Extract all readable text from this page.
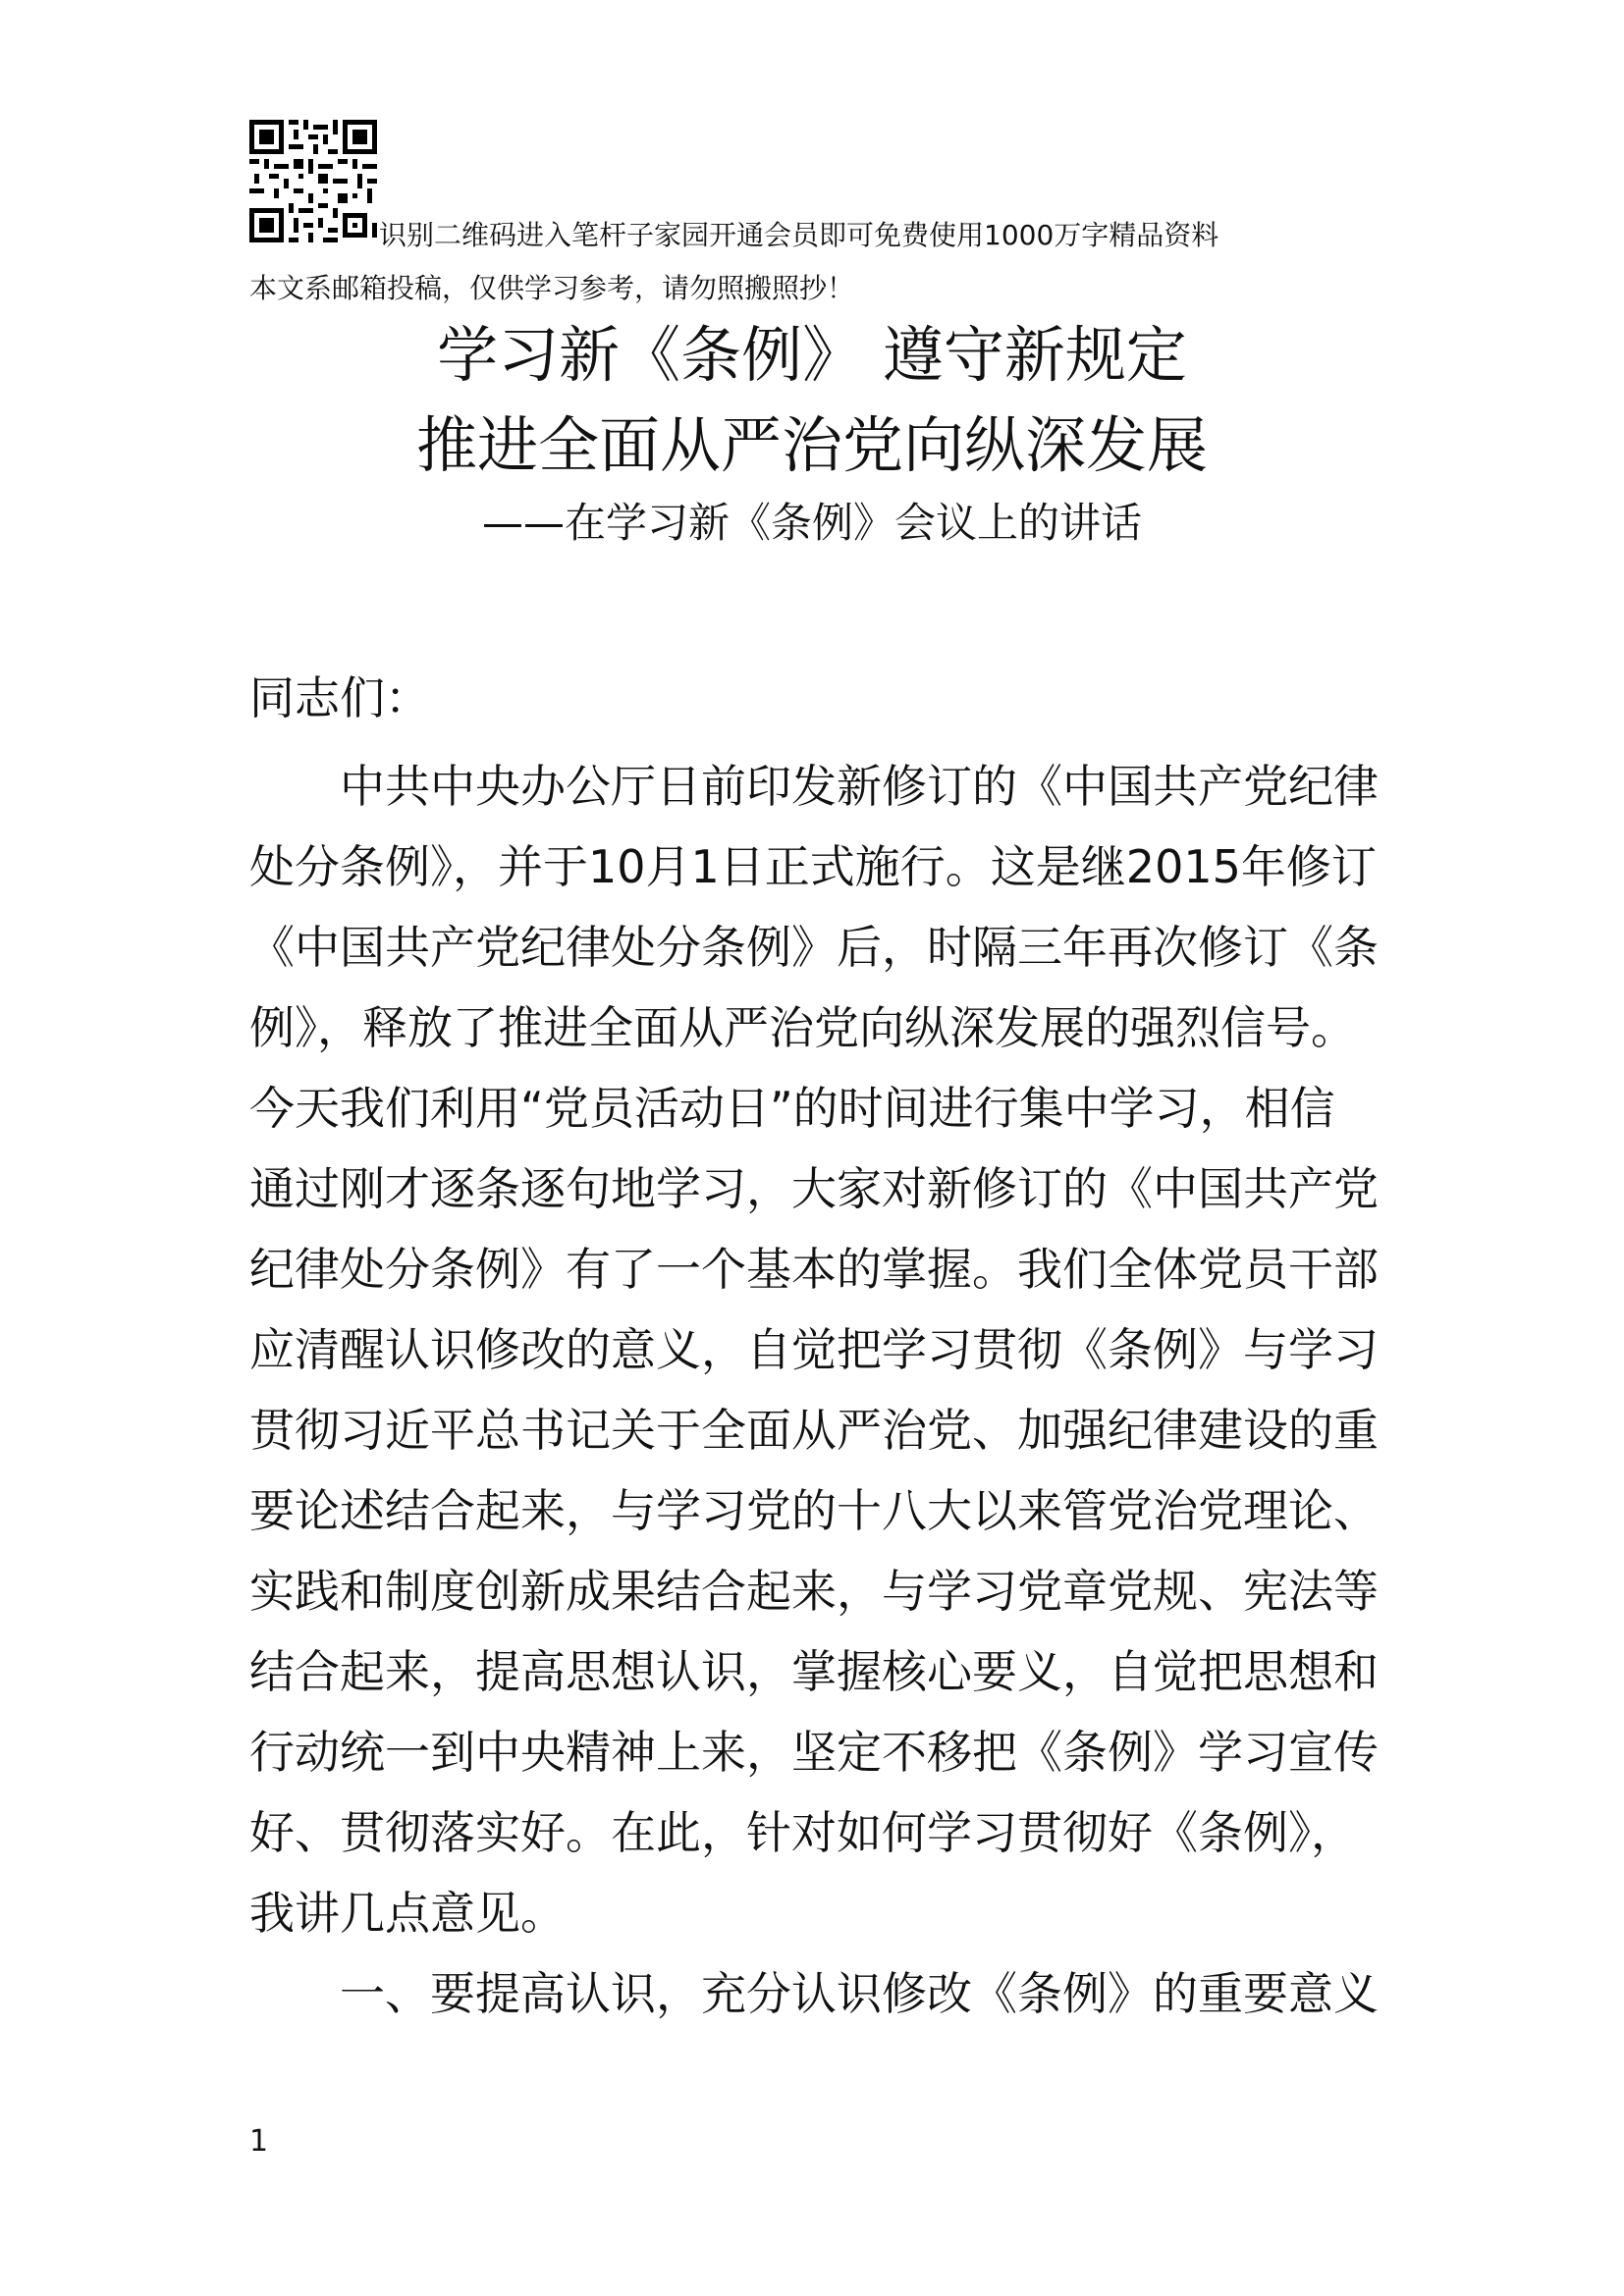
识别二维码进入笔杆子家园开通会员即可免费使用1000万字精品资料
本文系邮箱投稿，仅供学习参考，请勿照搬照抄！
学习新《条例》 遵守新规定
推进全面从严治党向纵深发展
——在学习新《条例》会议上的讲话
同志们：
中共中央办公厅日前印发新修订的《中国共产党纪律
处分条例》，并于10月1日正式施行。这是继2015年修订
《中国共产党纪律处分条例》后，时隔三年再次修订《条
例》，释放了推进全面从严治党向纵深发展的强烈信号。
今天我们利用“党员活动日”的时间进行集中学习，相信
通过刚才逐条逐句地学习，大家对新修订的《中国共产党
纪律处分条例》有了一个基本的掌握。我们全体党员干部
应清醒认识修改的意义，自觉把学习贯彻《条例》与学习
贯彻习近平总书记关于全面从严治党、加强纪律建设的重
要论述结合起来，与学习党的十八大以来管党治党理论、
实践和制度创新成果结合起来，与学习党章党规、宪法等
结合起来，提高思想认识，掌握核心要义，自觉把思想和
行动统一到中央精神上来，坚定不移把《条例》学习宣传
好、贯彻落实好。在此，针对如何学习贯彻好《条例》，
我讲几点意见。
一、要提高认识，充分认识修改《条例》的重要意义
1
